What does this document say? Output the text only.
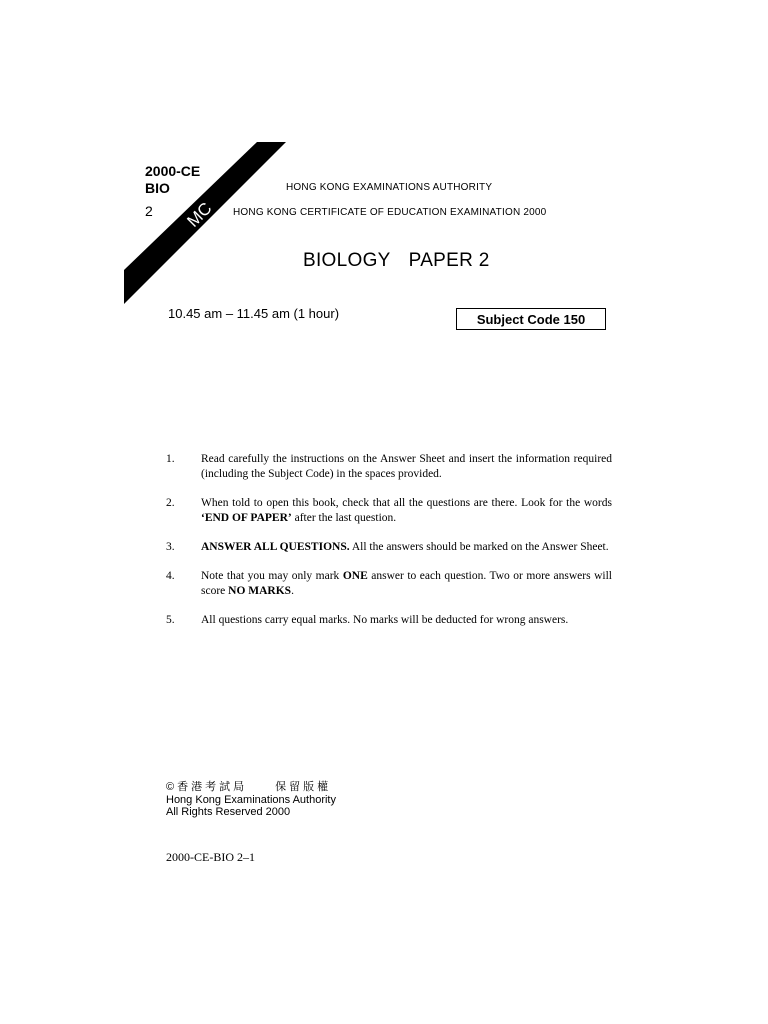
2000-CE
BIO
2	MC
HONG KONG EXAMINATIONS AUTHORITY
HONG KONG CERTIFICATE OF EDUCATION EXAMINATION 2000
BIOLOGY PAPER 2
10.45 am – 11.45 am (1 hour)	Subject Code 150
1.	Read carefully the instructions on the Answer Sheet and insert the information required (including the Subject Code) in the spaces provided.
2.	When told to open this book, check that all the questions are there. Look for the words ‘END OF PAPER’ after the last question.
3.	ANSWER ALL QUESTIONS. All the answers should be marked on the Answer Sheet.
4.	Note that you may only mark ONE answer to each question. Two or more answers will score NO MARKS.
5.	All questions carry equal marks. No marks will be deducted for wrong answers.
©香港考試局　　保留版權
Hong Kong Examinations Authority
All Rights Reserved 2000
2000-CE-BIO 2–1
